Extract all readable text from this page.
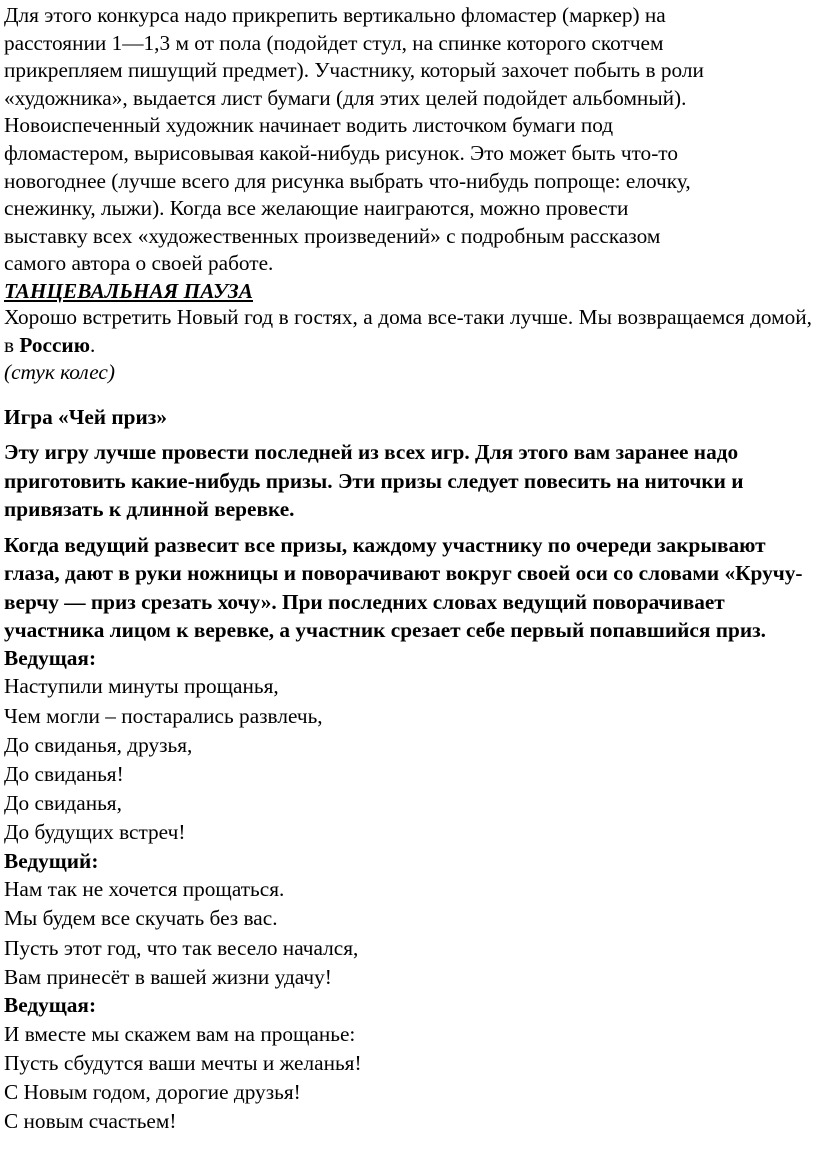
Для этого конкурса надо прикрепить вертикально фломастер (маркер) на
расстоянии 1—1,3 м от пола (подойдет стул, на спинке которого скотчем
прикрепляем пишущий предмет). Участнику, который захочет побыть в роли
«художника», выдается лист бумаги (для этих целей подойдет альбомный).
Новоиспеченный художник начинает водить листочком бумаги под
фломастером, вырисовывая какой-нибудь рисунок. Это может быть что-то
новогоднее (лучше всего для рисунка выбрать что-нибудь попроще: елочку,
снежинку, лыжи). Когда все желающие наиграются, можно провести
выставку всех «художественных произведений» с подробным рассказом
самого автора о своей работе.

ТАНЦЕВАЛЬНАЯ ПАУЗА

Хорошо встретить Новый год в гостях, а дома все-таки лучше. Мы возвращаемся домой, в Россию.

(стук колес)

Игра «Чей приз»

Эту игру лучше провести последней из всех игр. Для этого вам заранее надо приготовить какие-нибудь призы. Эти призы следует повесить на ниточки и привязать к длинной веревке.

Когда ведущий развесит все призы, каждому участнику по очереди закрывают глаза, дают в руки ножницы и поворачивают вокруг своей оси со словами «Кручу-верчу — приз срезать хочу». При последних словах ведущий поворачивает участника лицом к веревке, а участник срезает себе первый попавшийся приз.

Ведущая:

Наступили минуты прощанья,
Чем могли – постарались развлечь,
До свиданья, друзья,
До свиданья!
До свиданья,
До будущих встреч!

Ведущий:

Нам так не хочется прощаться.
Мы будем все скучать без вас.
Пусть этот год, что так весело начался,
Вам принесёт в вашей жизни удачу!

Ведущая:

И вместе мы скажем вам на прощанье:
Пусть сбудутся ваши мечты и желанья!
С Новым годом, дорогие друзья!
С новым счастьем!
